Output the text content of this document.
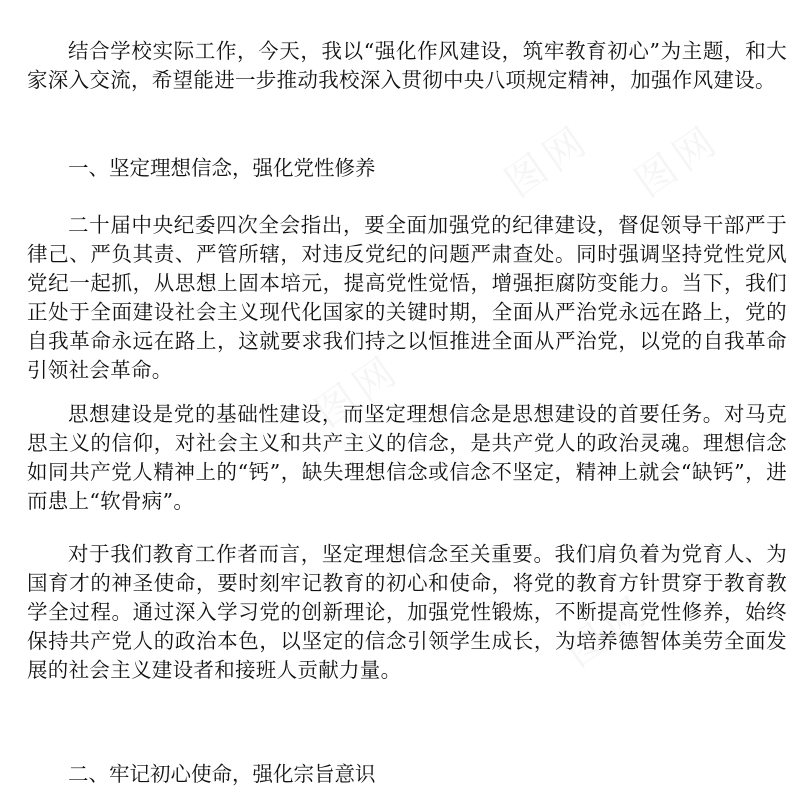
结合学校实际工作，今天，我以“强化作风建设，筑牢教育初心”为主题，和大家深入交流，希望能进一步推动我校深入贯彻中央八项规定精神，加强作风建设。

一、坚定理想信念，强化党性修养

二十届中央纪委四次全会指出，要全面加强党的纪律建设，督促领导干部严于律己、严负其责、严管所辖，对违反党纪的问题严肃查处。同时强调坚持党性党风党纪一起抓，从思想上固本培元，提高党性觉悟，增强拒腐防变能力。当下，我们正处于全面建设社会主义现代化国家的关键时期，全面从严治党永远在路上，党的自我革命永远在路上，这就要求我们持之以恒推进全面从严治党，以党的自我革命引领社会革命。

思想建设是党的基础性建设，而坚定理想信念是思想建设的首要任务。对马克思主义的信仰，对社会主义和共产主义的信念，是共产党人的政治灵魂。理想信念如同共产党人精神上的“钙”，缺失理想信念或信念不坚定，精神上就会“缺钙”，进而患上“软骨病”。

对于我们教育工作者而言，坚定理想信念至关重要。我们肩负着为党育人、为国育才的神圣使命，要时刻牢记教育的初心和使命，将党的教育方针贯穿于教育教学全过程。通过深入学习党的创新理论，加强党性锻炼，不断提高党性修养，始终保持共产党人的政治本色，以坚定的信念引领学生成长，为培养德智体美劳全面发展的社会主义建设者和接班人贡献力量。

二、牢记初心使命，强化宗旨意识

图网 图网
图网
图网
